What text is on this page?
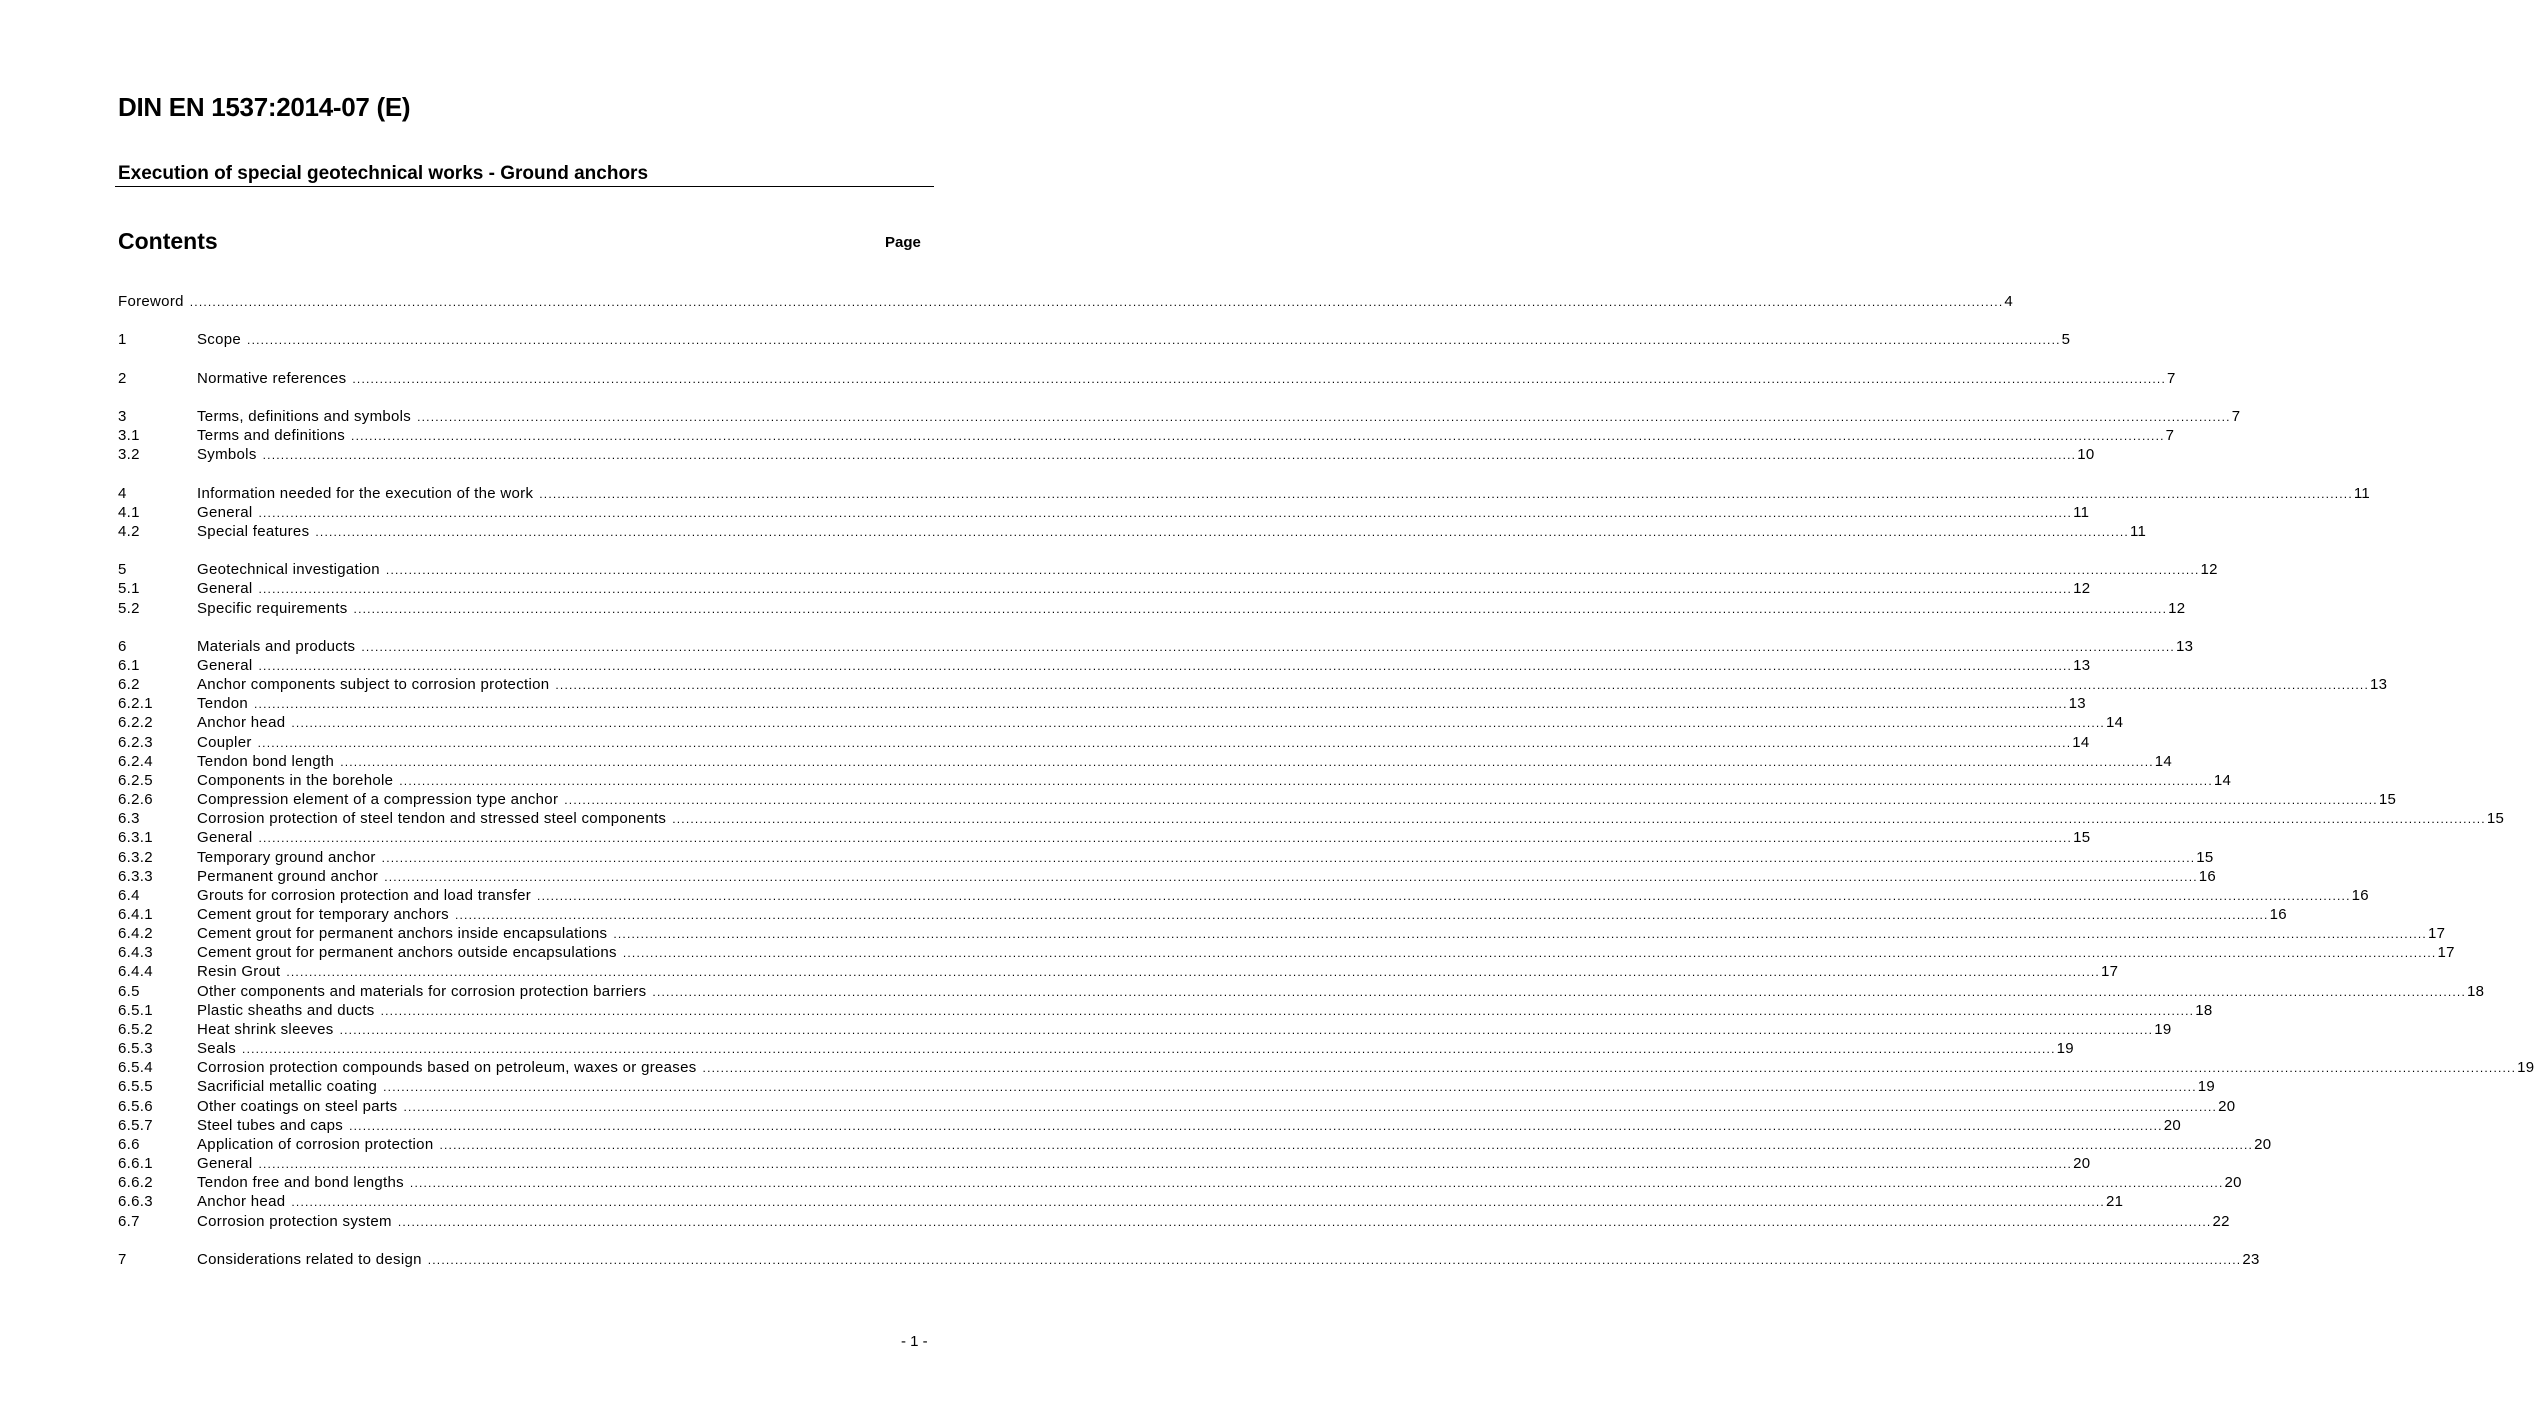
DIN EN 1537:2014-07 (E)
Execution of special geotechnical works - Ground anchors
Contents	Page
Foreword ................................................................................................................................................................................................................................................................................................................................................................................................................ 4
1	Scope ................................................................................................................................................................................................................................................................................................................................................................................................................ 5
2	Normative references ................................................................................................................................................................................................................................................................................................................................................................................................................ 7
3	Terms, definitions and symbols ................................................................................................................................................................................................................................................................................................................................................................................................................ 7
3.1	Terms and definitions ................................................................................................................................................................................................................................................................................................................................................................................................................ 7
3.2	Symbols ................................................................................................................................................................................................................................................................................................................................................................................................................ 10
4	Information needed for the execution of the work ................................................................................................................................................................................................................................................................................................................................................................................................................ 11
4.1	General ................................................................................................................................................................................................................................................................................................................................................................................................................ 11
4.2	Special features ................................................................................................................................................................................................................................................................................................................................................................................................................ 11
5	Geotechnical investigation ................................................................................................................................................................................................................................................................................................................................................................................................................ 12
5.1	General ................................................................................................................................................................................................................................................................................................................................................................................................................ 12
5.2	Specific requirements ................................................................................................................................................................................................................................................................................................................................................................................................................ 12
6	Materials and products ................................................................................................................................................................................................................................................................................................................................................................................................................ 13
6.1	General ................................................................................................................................................................................................................................................................................................................................................................................................................ 13
6.2	Anchor components subject to corrosion protection ................................................................................................................................................................................................................................................................................................................................................................................................................ 13
6.2.1	Tendon ................................................................................................................................................................................................................................................................................................................................................................................................................ 13
6.2.2	Anchor head ................................................................................................................................................................................................................................................................................................................................................................................................................ 14
6.2.3	Coupler ................................................................................................................................................................................................................................................................................................................................................................................................................ 14
6.2.4	Tendon bond length ................................................................................................................................................................................................................................................................................................................................................................................................................ 14
6.2.5	Components in the borehole ................................................................................................................................................................................................................................................................................................................................................................................................................ 14
6.2.6	Compression element of a compression type anchor ................................................................................................................................................................................................................................................................................................................................................................................................................ 15
6.3	Corrosion protection of steel tendon and stressed steel components ................................................................................................................................................................................................................................................................................................................................................................................................................ 15
6.3.1	General ................................................................................................................................................................................................................................................................................................................................................................................................................ 15
6.3.2	Temporary ground anchor ................................................................................................................................................................................................................................................................................................................................................................................................................ 15
6.3.3	Permanent ground anchor ................................................................................................................................................................................................................................................................................................................................................................................................................ 16
6.4	Grouts for corrosion protection and load transfer ................................................................................................................................................................................................................................................................................................................................................................................................................ 16
6.4.1	Cement grout for temporary anchors ................................................................................................................................................................................................................................................................................................................................................................................................................ 16
6.4.2	Cement grout for permanent anchors inside encapsulations ................................................................................................................................................................................................................................................................................................................................................................................................................ 17
6.4.3	Cement grout for permanent anchors outside encapsulations ................................................................................................................................................................................................................................................................................................................................................................................................................ 17
6.4.4	Resin Grout ................................................................................................................................................................................................................................................................................................................................................................................................................ 17
6.5	Other components and materials for corrosion protection barriers ................................................................................................................................................................................................................................................................................................................................................................................................................ 18
6.5.1	Plastic sheaths and ducts ................................................................................................................................................................................................................................................................................................................................................................................................................ 18
6.5.2	Heat shrink sleeves ................................................................................................................................................................................................................................................................................................................................................................................................................ 19
6.5.3	Seals ................................................................................................................................................................................................................................................................................................................................................................................................................ 19
6.5.4	Corrosion protection compounds based on petroleum, waxes or greases ................................................................................................................................................................................................................................................................................................................................................................................................................ 19
6.5.5	Sacrificial metallic coating ................................................................................................................................................................................................................................................................................................................................................................................................................ 19
6.5.6	Other coatings on steel parts ................................................................................................................................................................................................................................................................................................................................................................................................................ 20
6.5.7	Steel tubes and caps ................................................................................................................................................................................................................................................................................................................................................................................................................ 20
6.6	Application of corrosion protection ................................................................................................................................................................................................................................................................................................................................................................................................................ 20
6.6.1	General ................................................................................................................................................................................................................................................................................................................................................................................................................ 20
6.6.2	Tendon free and bond lengths ................................................................................................................................................................................................................................................................................................................................................................................................................ 20
6.6.3	Anchor head ................................................................................................................................................................................................................................................................................................................................................................................................................ 21
6.7	Corrosion protection system ................................................................................................................................................................................................................................................................................................................................................................................................................ 22
7	Considerations related to design ................................................................................................................................................................................................................................................................................................................................................................................................................ 23
- 1 -
